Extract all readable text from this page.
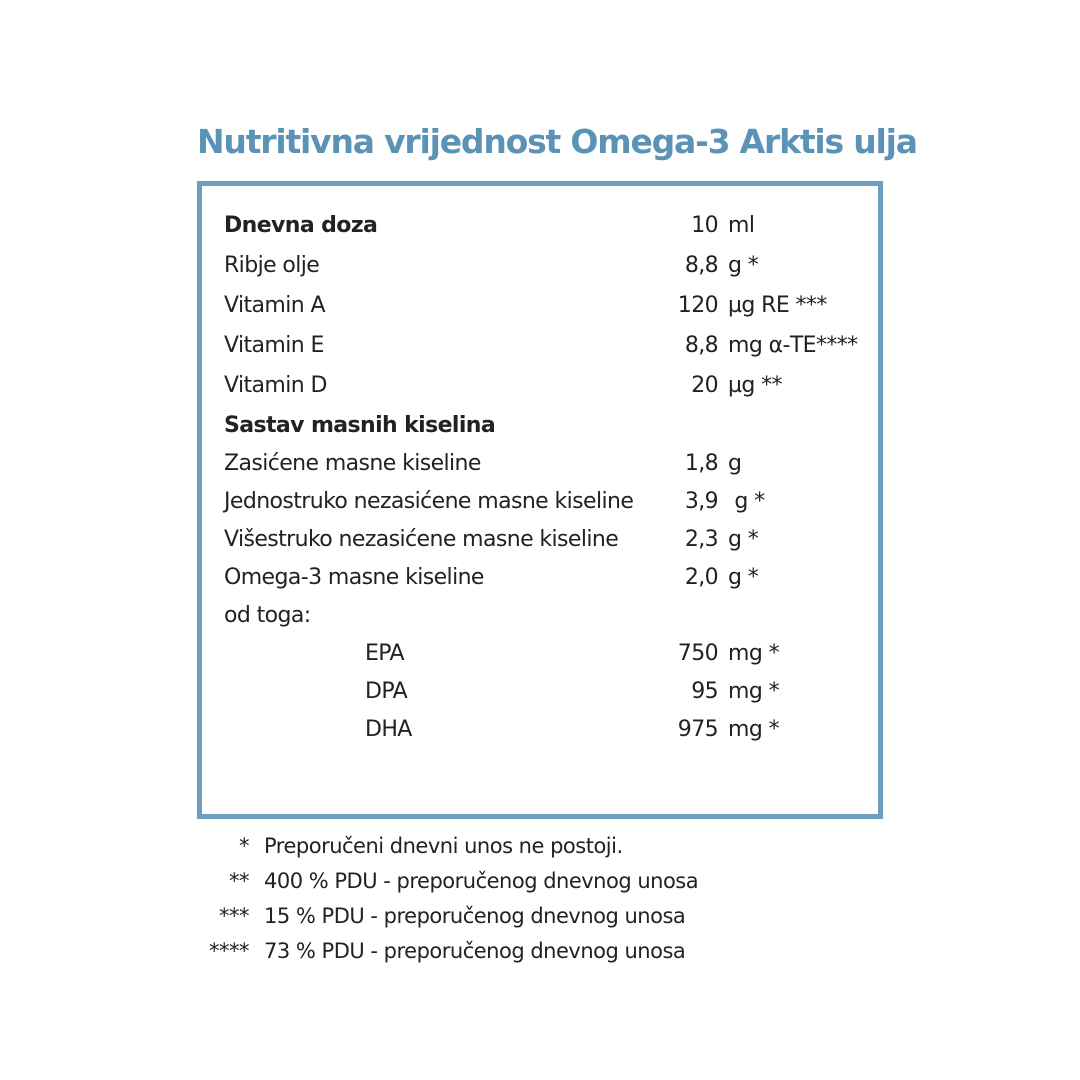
Nutritivna vrijednost Omega-3 Arktis ulja
Dnevna doza	10 ml
Ribje olje	8,8 g *
Vitamin A	120 µg RE ***
Vitamin E	8,8 mg α-TE****
Vitamin D	20 µg **
Sastav masnih kiselina
Zasićene masne kiseline	1,8 g
Jednostruko nezasićene masne kiseline 3,9 g *
Višestruko nezasićene masne kiseline	2,3 g *
Omega-3 masne kiseline	2,0 g *
od toga:
EPA	750 mg *
DPA	95 mg *
DHA	975 mg *
* Preporučeni dnevni unos ne postoji.
** 400 % PDU - preporučenog dnevnog unosa
*** 15 % PDU - preporučenog dnevnog unosa
**** 73 % PDU - preporučenog dnevnog unosa
